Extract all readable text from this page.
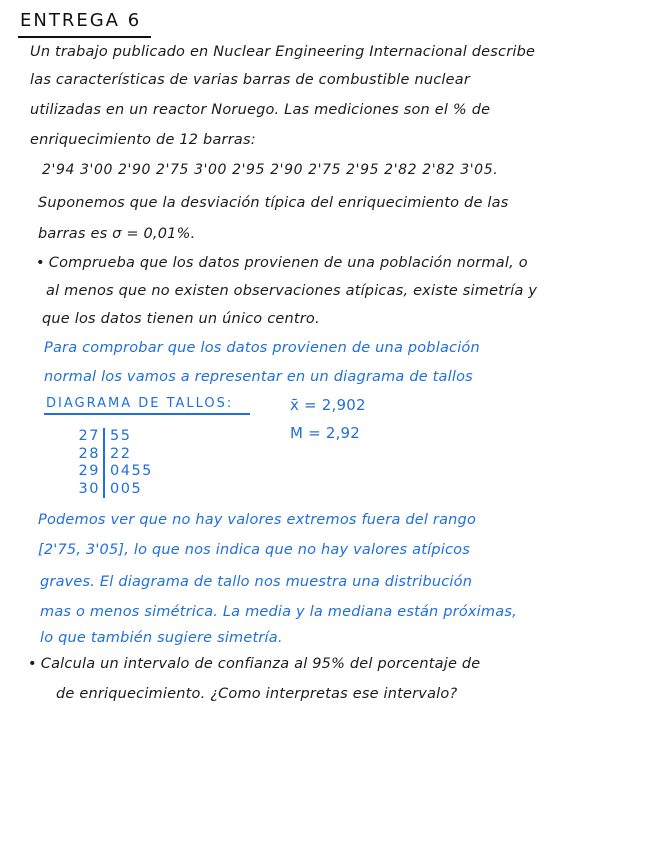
ENTREGA 6
Un trabajo publicado en Nuclear Engineering Internacional describe
las características de varias barras de combustible nuclear
utilizadas en un reactor Noruego. Las mediciones son el % de
enriquecimiento de 12 barras:
2'94 3'00 2'90 2'75 3'00 2'95 2'90 2'75 2'95 2'82 2'82 3'05.
Suponemos que la desviación típica del enriquecimiento de las
barras es σ = 0,01%.
• Comprueba que los datos provienen de una población normal, o
al menos que no existen observaciones atípicas, existe simetría y
que los datos tienen un único centro.
Para comprobar que los datos provienen de una población
normal los vamos a representar en un diagrama de tallos
DIAGRAMA DE TALLOS:	x̄ = 2,902
M = 2,92
27
28
29
30
55
22
0455
005
Podemos ver que no hay valores extremos fuera del rango
[2'75, 3'05], lo que nos indica que no hay valores atípicos
graves. El diagrama de tallo nos muestra una distribución
mas o menos simétrica. La media y la mediana están próximas,
lo que también sugiere simetría.
• Calcula un intervalo de confianza al 95% del porcentaje de
de enriquecimiento. ¿Como interpretas ese intervalo?
